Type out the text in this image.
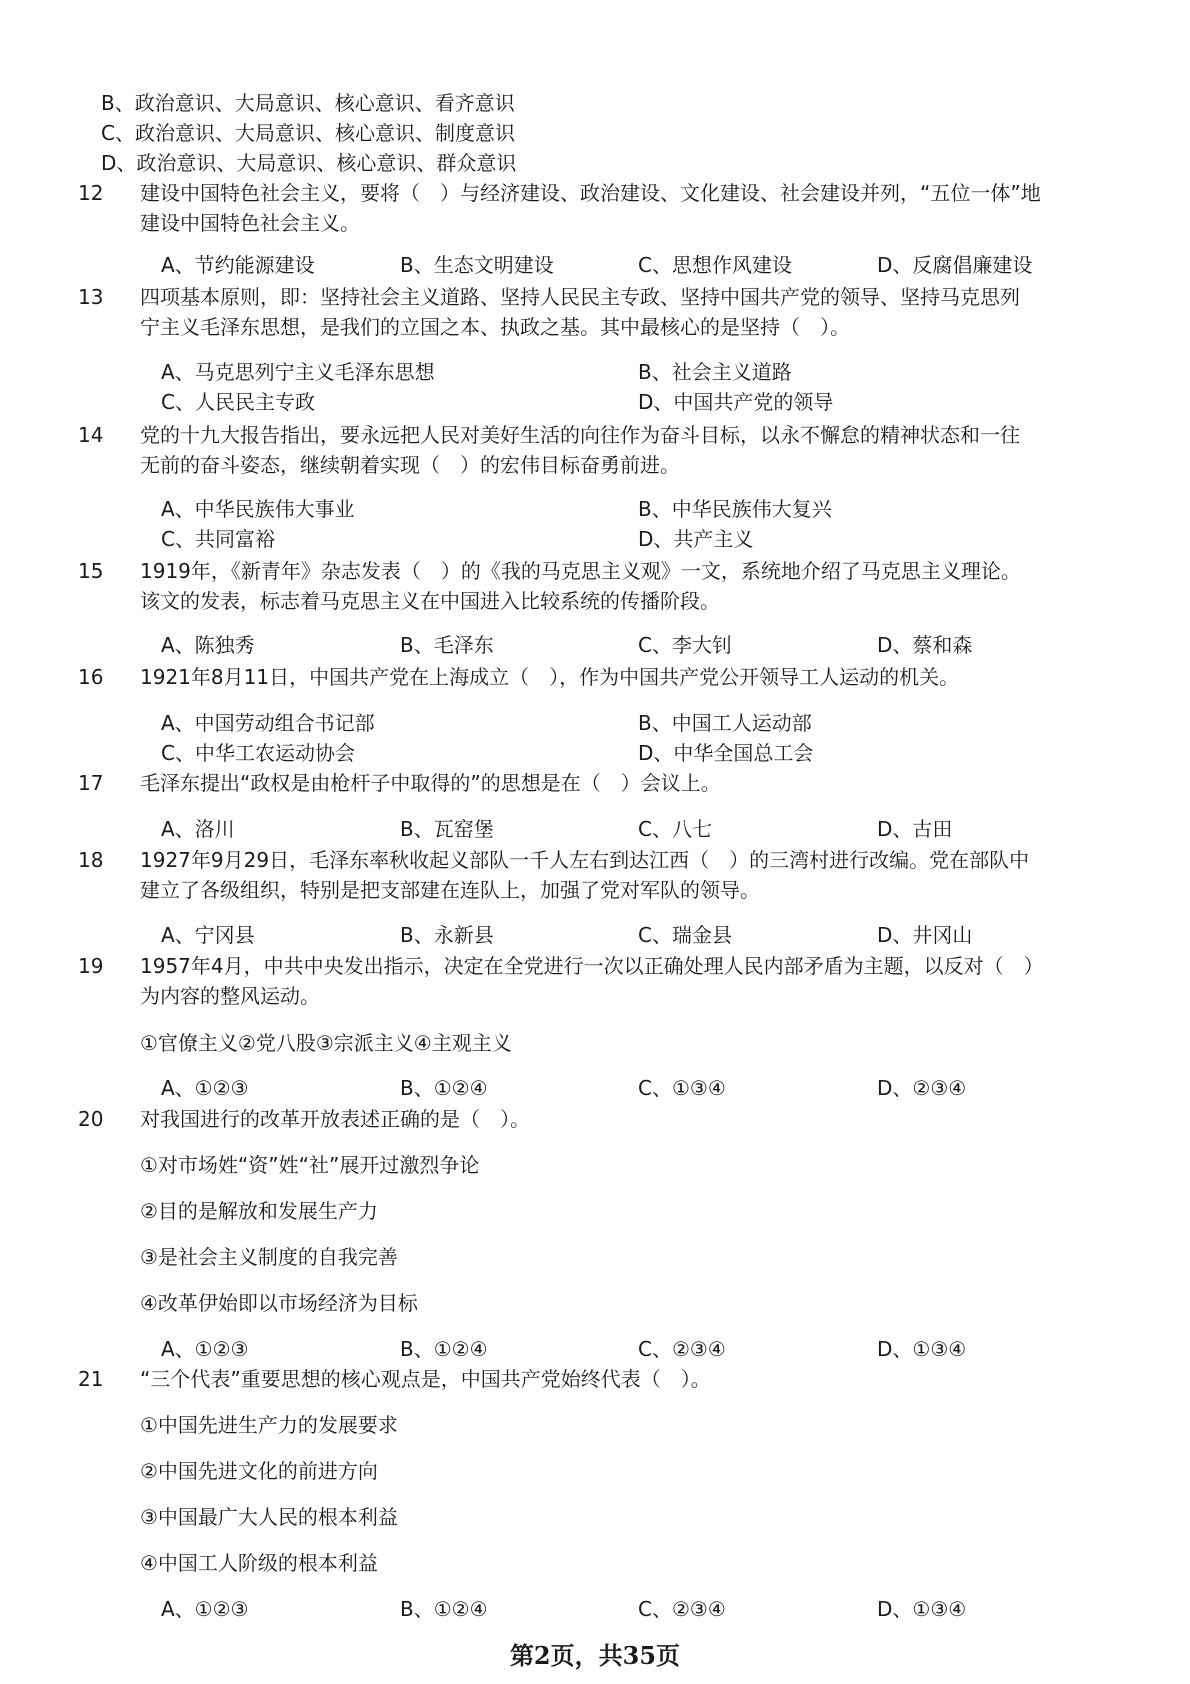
B、政治意识、大局意识、核心意识、看齐意识
C、政治意识、大局意识、核心意识、制度意识
D、政治意识、大局意识、核心意识、群众意识
12 建设中国特色社会主义，要将（　）与经济建设、政治建设、文化建设、社会建设并列，“五位一体”地
建设中国特色社会主义。
A、节约能源建设	B、生态文明建设	C、思想作风建设	D、反腐倡廉建设
13 四项基本原则，即：坚持社会主义道路、坚持人民民主专政、坚持中国共产党的领导、坚持马克思列
宁主义毛泽东思想，是我们的立国之本、执政之基。其中最核心的是坚持（　）。
A、马克思列宁主义毛泽东思想	B、社会主义道路
C、人民民主专政	D、中国共产党的领导
14 党的十九大报告指出，要永远把人民对美好生活的向往作为奋斗目标，以永不懈怠的精神状态和一往
无前的奋斗姿态，继续朝着实现（　）的宏伟目标奋勇前进。
A、中华民族伟大事业	B、中华民族伟大复兴
C、共同富裕	D、共产主义
15 1919年，《新青年》杂志发表（　）的《我的马克思主义观》一文，系统地介绍了马克思主义理论。
该文的发表，标志着马克思主义在中国进入比较系统的传播阶段。
A、陈独秀	B、毛泽东	C、李大钊	D、蔡和森
16 1921年8月11日，中国共产党在上海成立（　），作为中国共产党公开领导工人运动的机关。
A、中国劳动组合书记部	B、中国工人运动部
C、中华工农运动协会	D、中华全国总工会
17 毛泽东提出“政权是由枪杆子中取得的”的思想是在（　）会议上。
A、洛川	B、瓦窑堡	C、八七	D、古田
18 1927年9月29日，毛泽东率秋收起义部队一千人左右到达江西（　）的三湾村进行改编。党在部队中
建立了各级组织，特别是把支部建在连队上，加强了党对军队的领导。
A、宁冈县	B、永新县	C、瑞金县	D、井冈山
19 1957年4月，中共中央发出指示，决定在全党进行一次以正确处理人民内部矛盾为主题，以反对（　）
为内容的整风运动。
①官僚主义②党八股③宗派主义④主观主义
A、①②③	B、①②④	C、①③④	D、②③④
20 对我国进行的改革开放表述正确的是（　）。
①对市场姓“资”姓“社”展开过激烈争论
②目的是解放和发展生产力
③是社会主义制度的自我完善
④改革伊始即以市场经济为目标
A、①②③	B、①②④	C、②③④	D、①③④
21 “三个代表”重要思想的核心观点是，中国共产党始终代表（　）。
①中国先进生产力的发展要求
②中国先进文化的前进方向
③中国最广大人民的根本利益
④中国工人阶级的根本利益
A、①②③	B、①②④	C、②③④	D、①③④
第2页，共35页
